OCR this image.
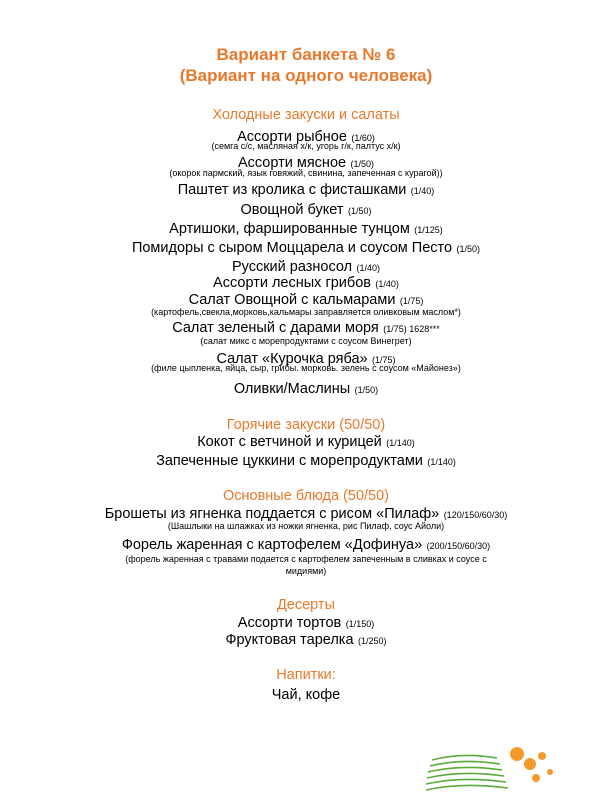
Вариант банкета № 6
(Вариант на одного человека)
Холодные закуски и салаты
Ассорти рыбное (1/60)
(семга с/с, масляная х/к, угорь г/к, палтус х/к)
Ассорти мясное (1/50)
(окорок пармский, язык говяжий, свинина, запеченная с курагой))
Паштет из кролика с фисташками (1/40)
Овощной букет (1/50)
Артишоки, фаршированные тунцом (1/125)
Помидоры с сыром Моццарела и соусом Песто (1/50)
Русский разносол (1/40)
Ассорти лесных грибов (1/40)
Салат Овощной с кальмарами (1/75)
(картофель,свекла,морковь,кальмары заправляется оливковым маслом*)
Салат зеленый с дарами моря (1/75) 1628***
(салат микс с морепродуктами с соусом Винегрет)
Салат «Курочка ряба» (1/75)
(филе цыпленка, яйца, сыр, грибы. морковь. зелень с соусом «Майонез»)
Оливки/Маслины (1/50)
Горячие закуски (50/50)
Кокот с ветчиной и курицей (1/140)
Запеченные цуккини с морепродуктами (1/140)
Основные блюда (50/50)
Брошеты из ягненка поддается с рисом «Пилаф» (120/150/60/30)
(Шашлыки на шлажках из ножки ягненка, рис Пилаф, соус Айоли)
Форель жаренная с картофелем «Дофинуа» (200/150/60/30)
(форель жаренная с травами подается с картофелем запеченным в сливках и соусе с
мидиями)
Десерты
Ассорти тортов (1/150)
Фруктовая тарелка (1/250)
Напитки:
Чай, кофе
